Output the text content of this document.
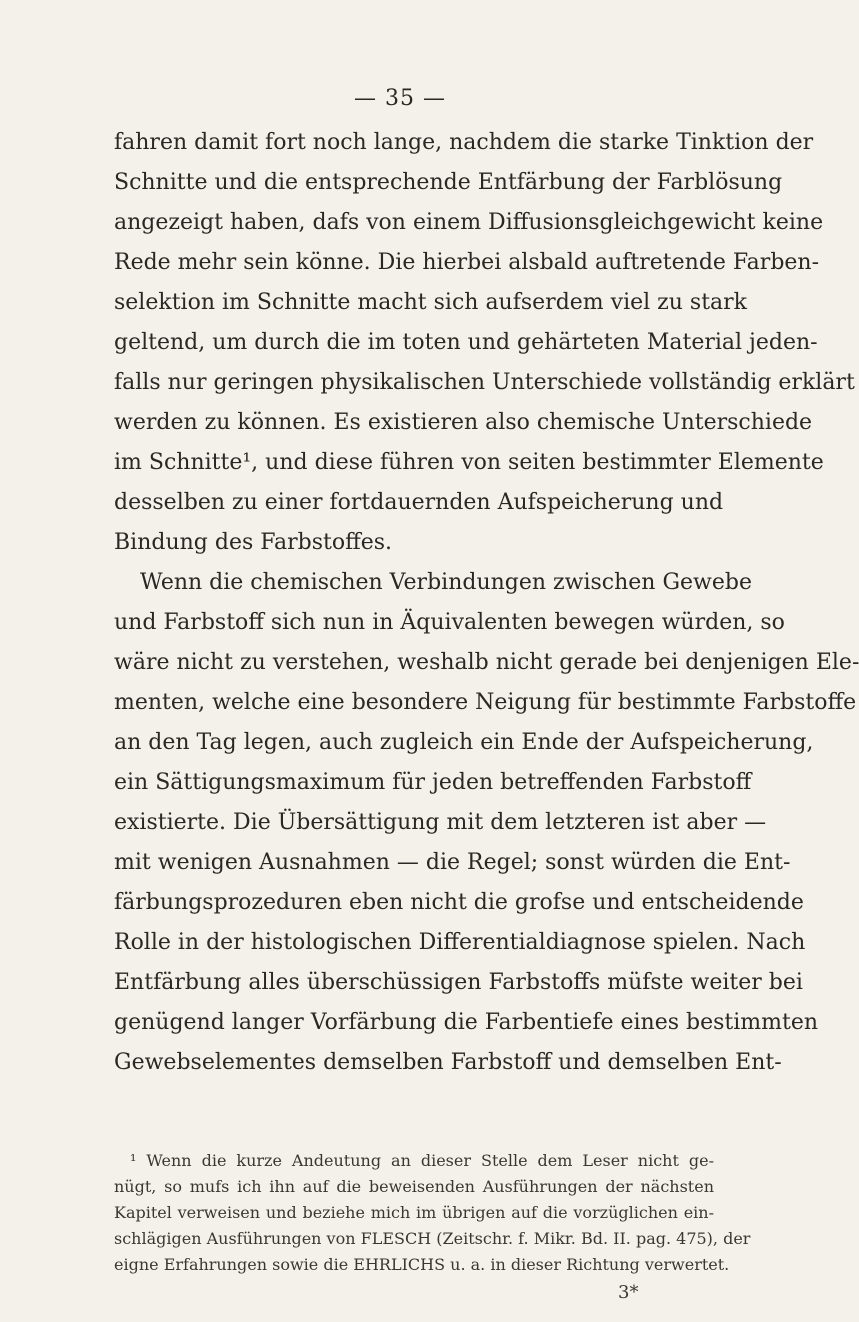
— 35 —
fahren damit fort noch lange, nachdem die starke Tinktion der
Schnitte und die entsprechende Entfärbung der Farblösung
angezeigt haben, dafs von einem Diffusionsgleichgewicht keine
Rede mehr sein könne. Die hierbei alsbald auftretende Farben-
selektion im Schnitte macht sich aufserdem viel zu stark
geltend, um durch die im toten und gehärteten Material jeden-
falls nur geringen physikalischen Unterschiede vollständig erklärt
werden zu können. Es existieren also chemische Unterschiede
im Schnitte¹, und diese führen von seiten bestimmter Elemente
desselben zu einer fortdauernden Aufspeicherung und
Bindung des Farbstoffes.
Wenn die chemischen Verbindungen zwischen Gewebe
und Farbstoff sich nun in Äquivalenten bewegen würden, so
wäre nicht zu verstehen, weshalb nicht gerade bei denjenigen Ele-
menten, welche eine besondere Neigung für bestimmte Farbstoffe
an den Tag legen, auch zugleich ein Ende der Aufspeicherung,
ein Sättigungsmaximum für jeden betreffenden Farbstoff
existierte. Die Übersättigung mit dem letzteren ist aber —
mit wenigen Ausnahmen — die Regel; sonst würden die Ent-
färbungsprozeduren eben nicht die grofse und entscheidende
Rolle in der histologischen Differentialdiagnose spielen. Nach
Entfärbung alles überschüssigen Farbstoffs müfste weiter bei
genügend langer Vorfärbung die Farbentiefe eines bestimmten
Gewebselementes demselben Farbstoff und demselben Ent-
¹ Wenn die kurze Andeutung an dieser Stelle dem Leser nicht ge-
nügt, so mufs ich ihn auf die beweisenden Ausführungen der nächsten
Kapitel verweisen und beziehe mich im übrigen auf die vorzüglichen ein-
schlägigen Ausführungen von FLESCH (Zeitschr. f. Mikr. Bd. II. pag. 475), der
eigne Erfahrungen sowie die EHRLICHS u. a. in dieser Richtung verwertet.
3*
